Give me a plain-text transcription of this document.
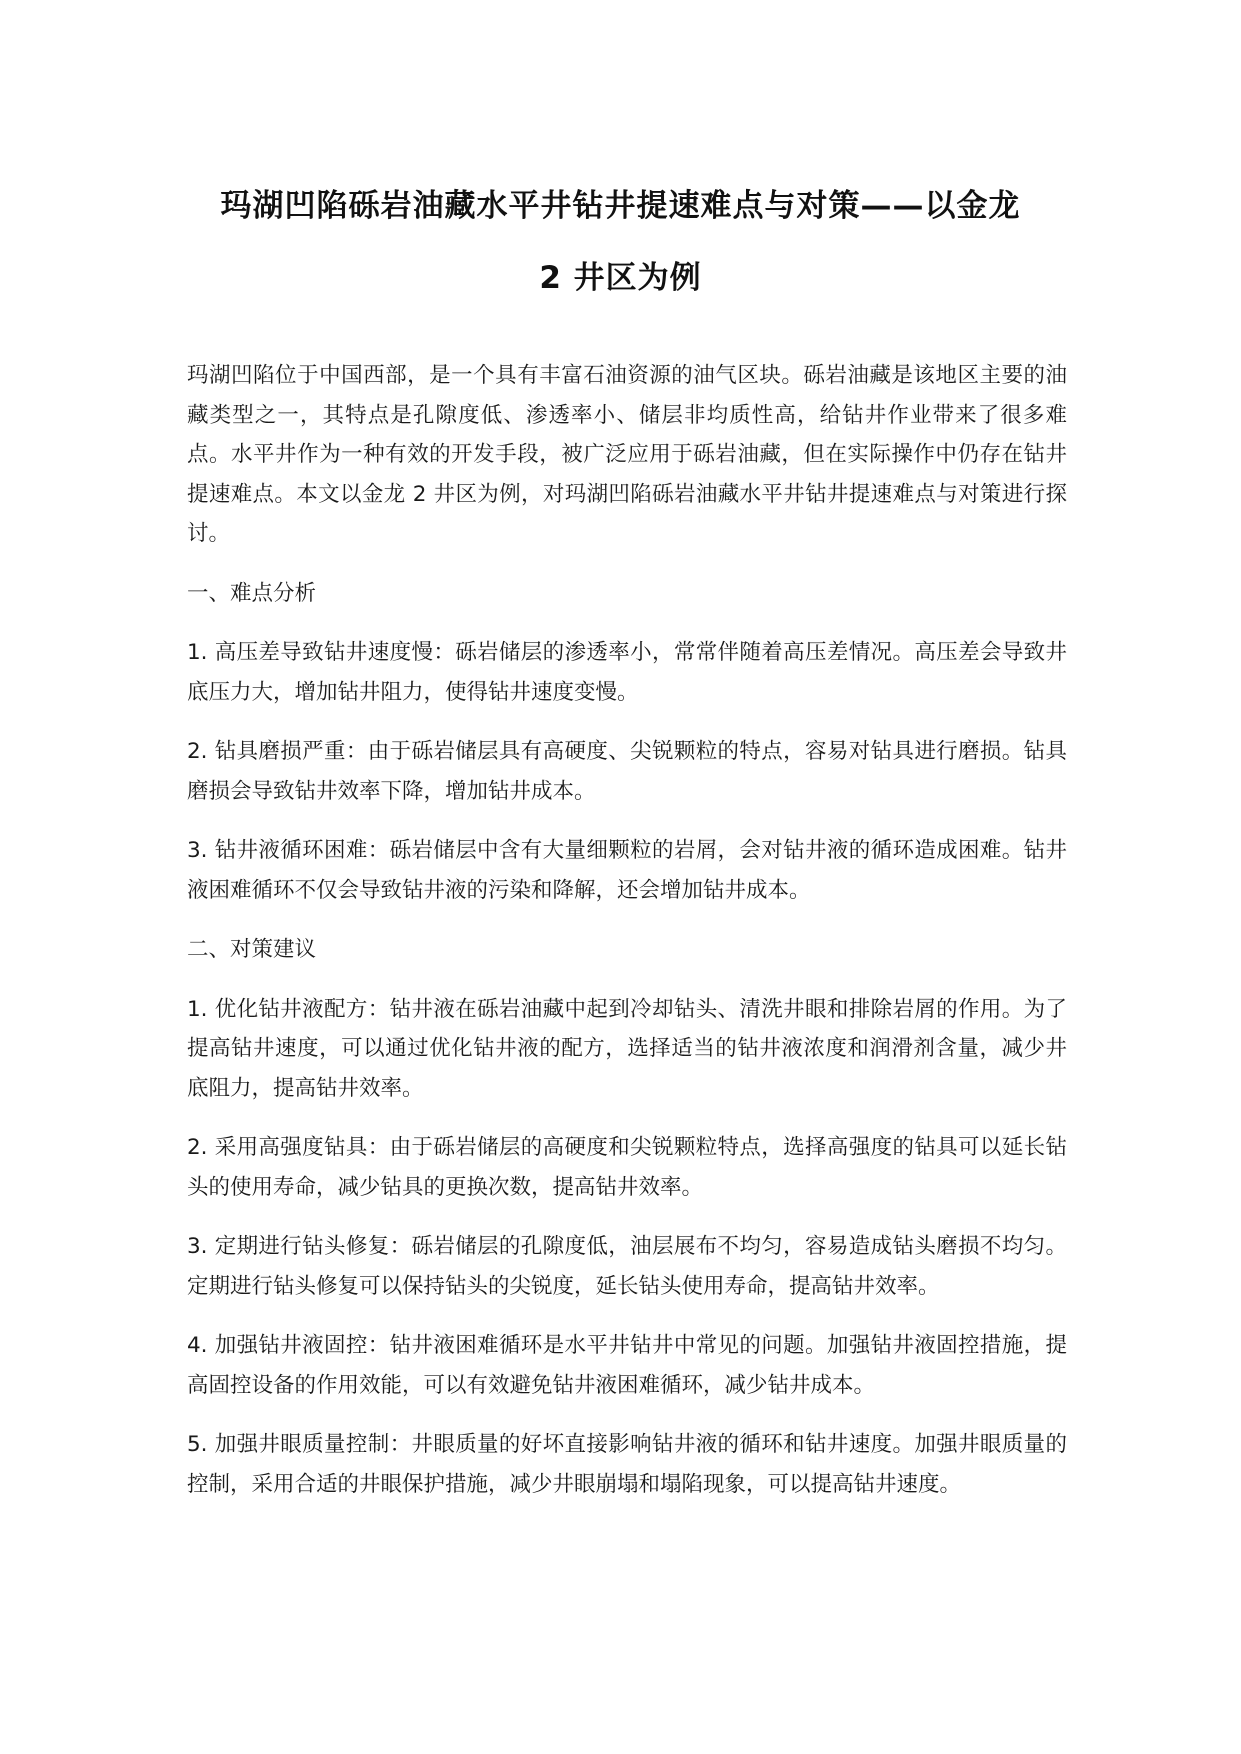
玛湖凹陷砾岩油藏水平井钻井提速难点与对策——以金龙
2 井区为例

玛湖凹陷位于中国西部，是一个具有丰富石油资源的油气区块。砾岩油藏是该地区主要的油藏类型之一，其特点是孔隙度低、渗透率小、储层非均质性高，给钻井作业带来了很多难点。水平井作为一种有效的开发手段，被广泛应用于砾岩油藏，但在实际操作中仍存在钻井提速难点。本文以金龙 2 井区为例，对玛湖凹陷砾岩油藏水平井钻井提速难点与对策进行探讨。

一、难点分析

1. 高压差导致钻井速度慢：砾岩储层的渗透率小，常常伴随着高压差情况。高压差会导致井底压力大，增加钻井阻力，使得钻井速度变慢。

2. 钻具磨损严重：由于砾岩储层具有高硬度、尖锐颗粒的特点，容易对钻具进行磨损。钻具磨损会导致钻井效率下降，增加钻井成本。

3. 钻井液循环困难：砾岩储层中含有大量细颗粒的岩屑，会对钻井液的循环造成困难。钻井液困难循环不仅会导致钻井液的污染和降解，还会增加钻井成本。

二、对策建议

1. 优化钻井液配方：钻井液在砾岩油藏中起到冷却钻头、清洗井眼和排除岩屑的作用。为了提高钻井速度，可以通过优化钻井液的配方，选择适当的钻井液浓度和润滑剂含量，减少井底阻力，提高钻井效率。

2. 采用高强度钻具：由于砾岩储层的高硬度和尖锐颗粒特点，选择高强度的钻具可以延长钻头的使用寿命，减少钻具的更换次数，提高钻井效率。

3. 定期进行钻头修复：砾岩储层的孔隙度低，油层展布不均匀，容易造成钻头磨损不均匀。定期进行钻头修复可以保持钻头的尖锐度，延长钻头使用寿命，提高钻井效率。

4. 加强钻井液固控：钻井液困难循环是水平井钻井中常见的问题。加强钻井液固控措施，提高固控设备的作用效能，可以有效避免钻井液困难循环，减少钻井成本。

5. 加强井眼质量控制：井眼质量的好坏直接影响钻井液的循环和钻井速度。加强井眼质量的控制，采用合适的井眼保护措施，减少井眼崩塌和塌陷现象，可以提高钻井速度。
